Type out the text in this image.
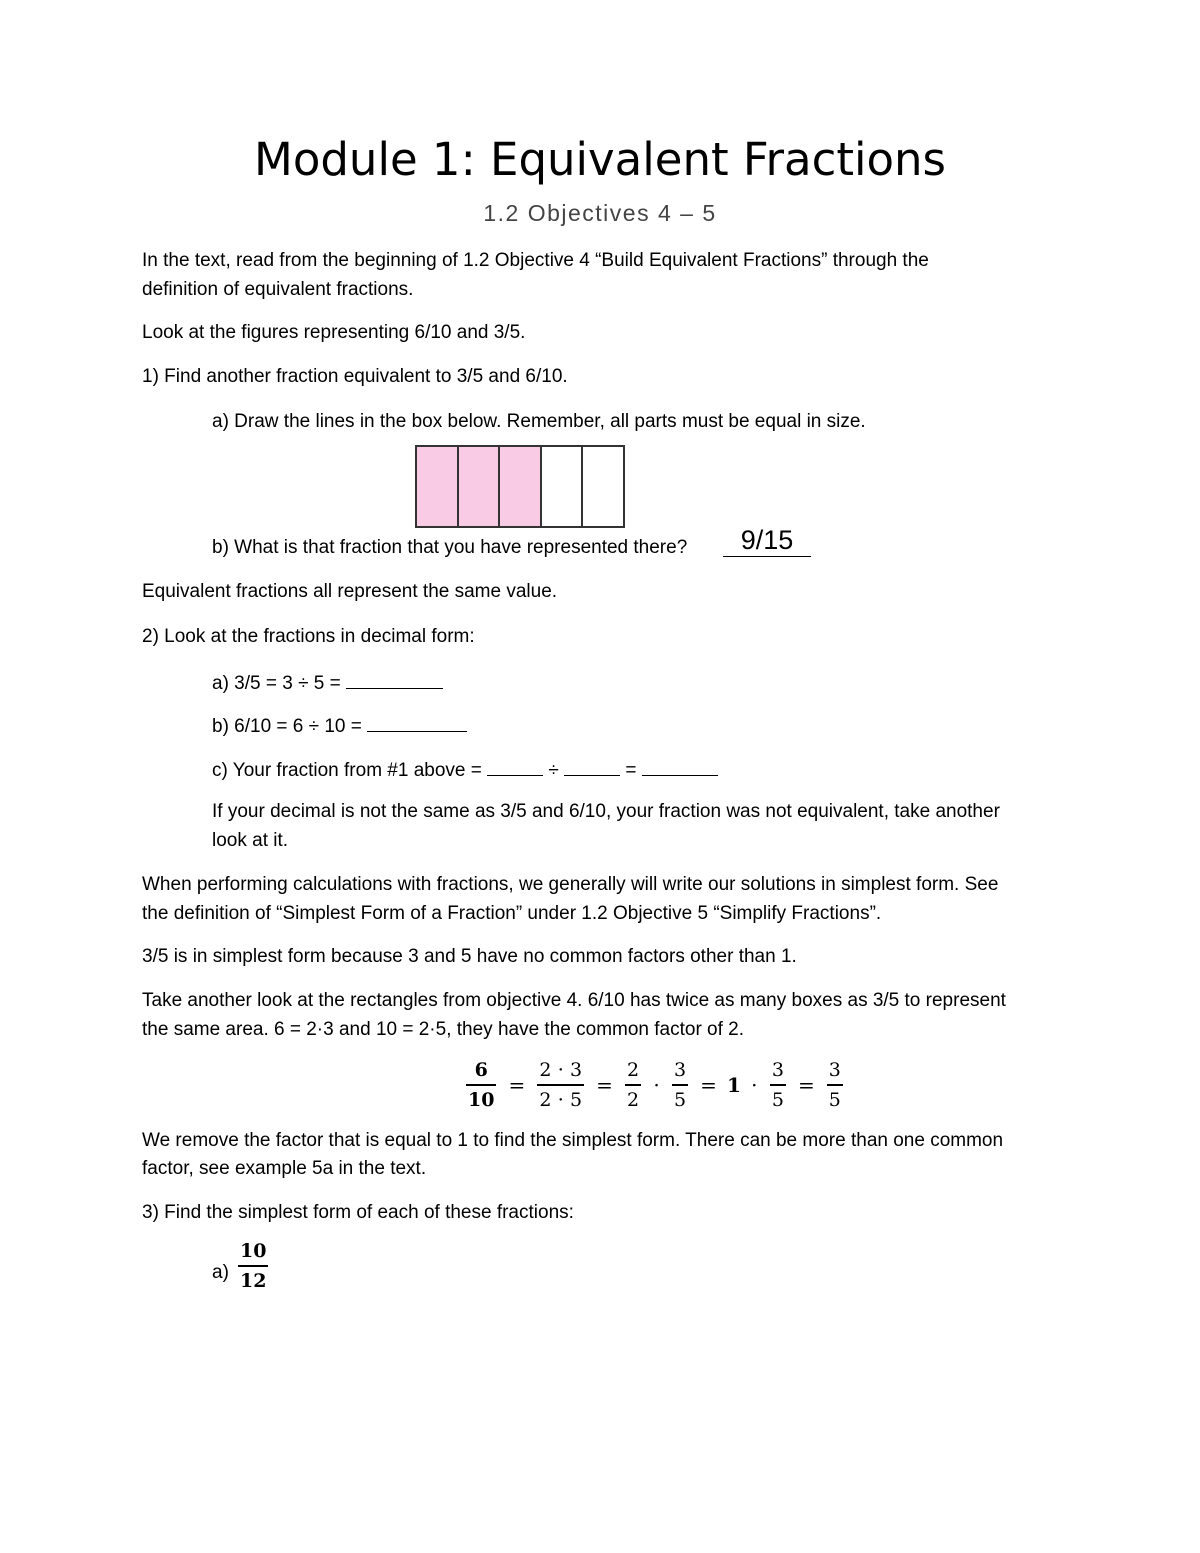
Module 1: Equivalent Fractions
1.2 Objectives 4 – 5
In the text, read from the beginning of 1.2 Objective 4 “Build Equivalent Fractions” through the
definition of equivalent fractions.
Look at the figures representing 6/10 and 3/5.
1) Find another fraction equivalent to 3/5 and 6/10.
a) Draw the lines in the box below. Remember, all parts must be equal in size.
b) What is that fraction that you have represented there?	9/15
Equivalent fractions all represent the same value.
2) Look at the fractions in decimal form:
a) 3/5 = 3 ÷ 5 =
b) 6/10 = 6 ÷ 10 =
c) Your fraction from #1 above =	÷	=
If your decimal is not the same as 3/5 and 6/10, your fraction was not equivalent, take another
look at it.
When performing calculations with fractions, we generally will write our solutions in simplest form. See
the definition of “Simplest Form of a Fraction” under 1.2 Objective 5 “Simplify Fractions”.
3/5 is in simplest form because 3 and 5 have no common factors other than 1.
Take another look at the rectangles from objective 4. 6/10 has twice as many boxes as 3/5 to represent
the same area. 6 = 2·3 and 10 = 2·5, they have the common factor of 2.
$\frac{6}{10} = \frac{2 \cdot 3}{2 \cdot 5} = \frac{2}{2} \cdot \frac{3}{5} = 1 \cdot \frac{3}{5} = \frac{3}{5}$
We remove the factor that is equal to 1 to find the simplest form. There can be more than one common
factor, see example 5a in the text.
3) Find the simplest form of each of these fractions:
$a) \frac{10}{12}$
